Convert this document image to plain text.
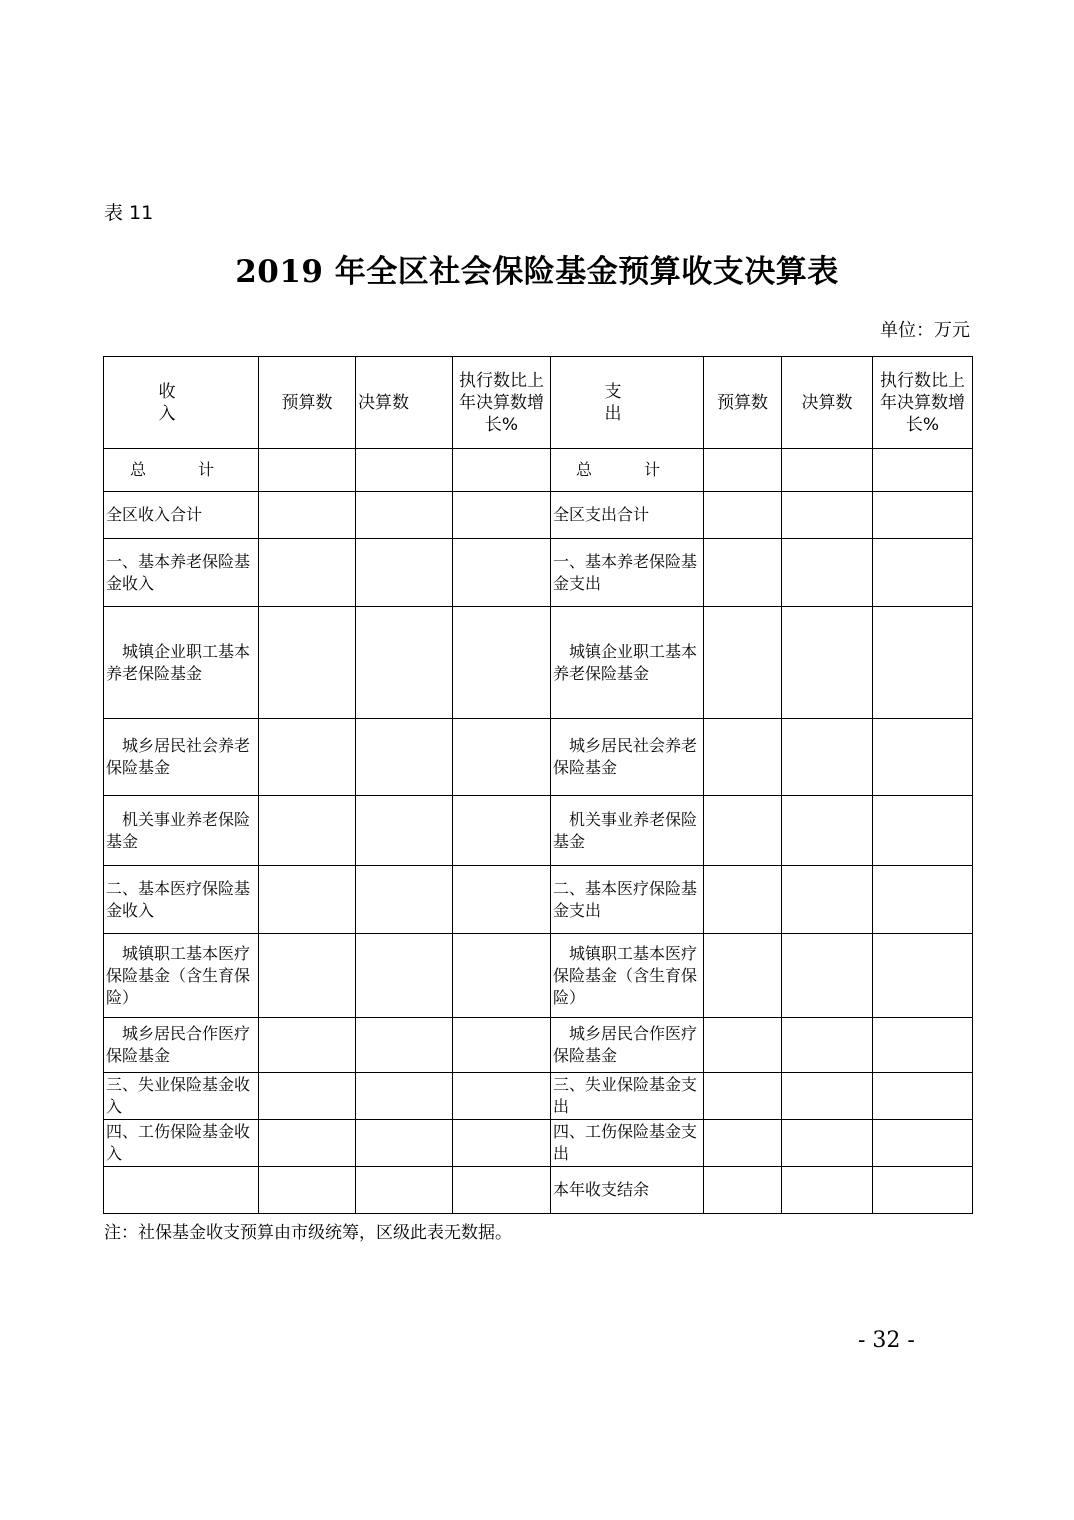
表 11
2019 年全区社会保险基金预算收支决算表
单位：万元
收　　入	预算数	决算数	执行数比上年决算数增长%	支　　出	预算数	决算数	执行数比上年决算数增长%
总　计				总　计			
全区收入合计				全区支出合计			
一、基本养老保险基金收入				一、基本养老保险基金支出			
城镇企业职工基本养老保险基金				城镇企业职工基本养老保险基金			
城乡居民社会养老保险基金				城乡居民社会养老保险基金			
机关事业养老保险基金				机关事业养老保险基金			
二、基本医疗保险基金收入				二、基本医疗保险基金支出			
城镇职工基本医疗保险基金（含生育保险）				城镇职工基本医疗保险基金（含生育保险）			
城乡居民合作医疗保险基金				城乡居民合作医疗保险基金			
三、失业保险基金收入				三、失业保险基金支出			
四、工伤保险基金收入				四、工伤保险基金支出			
				本年收支结余			
注：社保基金收支预算由市级统筹，区级此表无数据。
- 32 -
